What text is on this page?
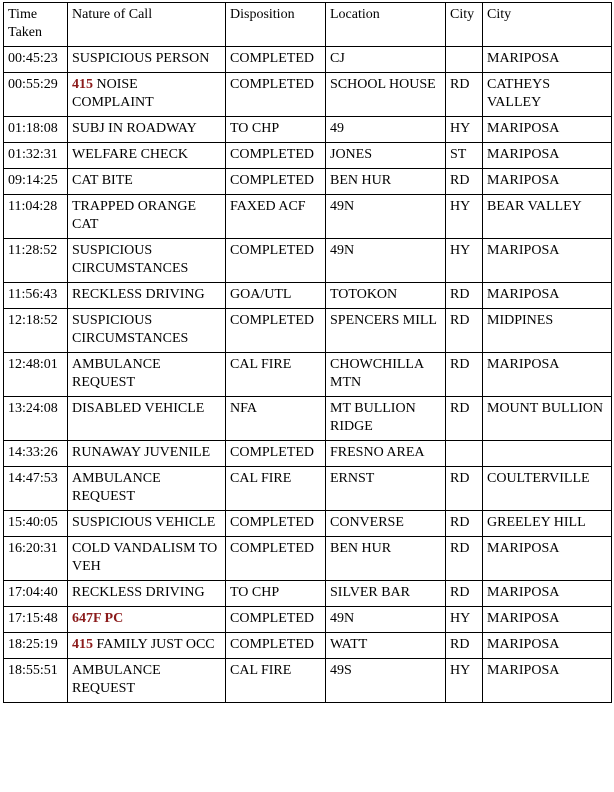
Time Taken	Nature of Call	Disposition	Location	City	City
00:45:23	SUSPICIOUS PERSON	COMPLETED	CJ		MARIPOSA
00:55:29	415 NOISE COMPLAINT	COMPLETED	SCHOOL HOUSE	RD	CATHEYS VALLEY
01:18:08	SUBJ IN ROADWAY	TO CHP	49	HY	MARIPOSA
01:32:31	WELFARE CHECK	COMPLETED	JONES	ST	MARIPOSA
09:14:25	CAT BITE	COMPLETED	BEN HUR	RD	MARIPOSA
11:04:28	TRAPPED ORANGE CAT	FAXED ACF	49N	HY	BEAR VALLEY
11:28:52	SUSPICIOUS CIRCUMSTANCES	COMPLETED	49N	HY	MARIPOSA
11:56:43	RECKLESS DRIVING	GOA/UTL	TOTOKON	RD	MARIPOSA
12:18:52	SUSPICIOUS CIRCUMSTANCES	COMPLETED	SPENCERS MILL	RD	MIDPINES
12:48:01	AMBULANCE REQUEST	CAL FIRE	CHOWCHILLA MTN	RD	MARIPOSA
13:24:08	DISABLED VEHICLE	NFA	MT BULLION RIDGE	RD	MOUNT BULLION
14:33:26	RUNAWAY JUVENILE	COMPLETED	FRESNO AREA		
14:47:53	AMBULANCE REQUEST	CAL FIRE	ERNST	RD	COULTERVILLE
15:40:05	SUSPICIOUS VEHICLE	COMPLETED	CONVERSE	RD	GREELEY HILL
16:20:31	COLD VANDALISM TO VEH	COMPLETED	BEN HUR	RD	MARIPOSA
17:04:40	RECKLESS DRIVING	TO CHP	SILVER BAR	RD	MARIPOSA
17:15:48	647F PC	COMPLETED	49N	HY	MARIPOSA
18:25:19	415 FAMILY JUST OCC	COMPLETED	WATT	RD	MARIPOSA
18:55:51	AMBULANCE REQUEST	CAL FIRE	49S	HY	MARIPOSA
